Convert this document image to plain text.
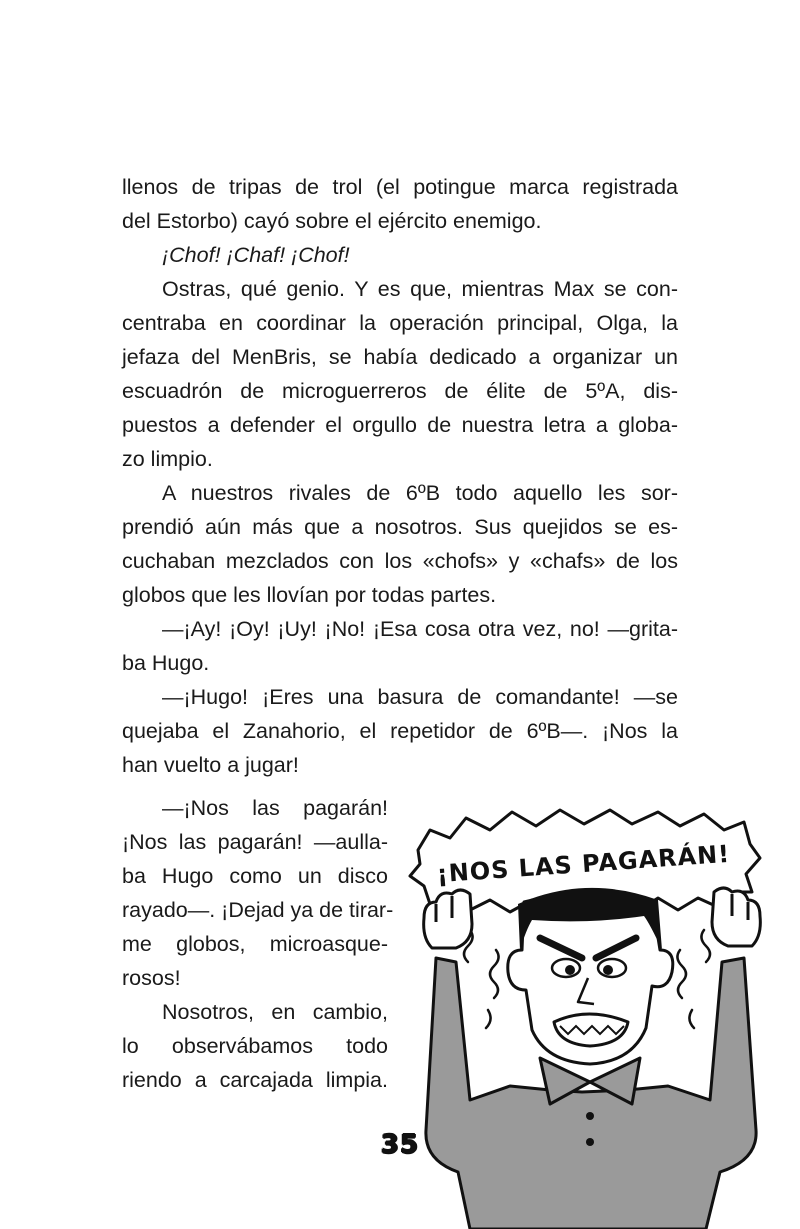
llenos de tripas de trol (el potingue marca registrada
del Estorbo) cayó sobre el ejército enemigo.
¡Chof! ¡Chaf! ¡Chof!
Ostras, qué genio. Y es que, mientras Max se con-
centraba en coordinar la operación principal, Olga, la
jefaza del MenBris, se había dedicado a organizar un
escuadrón de microguerreros de élite de 5ºA, dis-
puestos a defender el orgullo de nuestra letra a globa-
zo limpio.
A nuestros rivales de 6ºB todo aquello les sor-
prendió aún más que a nosotros. Sus quejidos se es-
cuchaban mezclados con los «chofs» y «chafs» de los
globos que les llovían por todas partes.
—¡Ay! ¡Oy! ¡Uy! ¡No! ¡Esa cosa otra vez, no! —grita-
ba Hugo.
—¡Hugo! ¡Eres una basura de comandante! —se
quejaba el Zanahorio, el repetidor de 6ºB—. ¡Nos la
han vuelto a jugar!
—¡Nos las pagarán!
¡Nos las pagarán! —aulla-
ba Hugo como un disco
rayado—. ¡Dejad ya de tirar-
me globos, microasque-
rosos!
Nosotros, en cambio,
lo observábamos todo
riendo a carcajada limpia.
35
¡NOS LAS PAGARÁN!
